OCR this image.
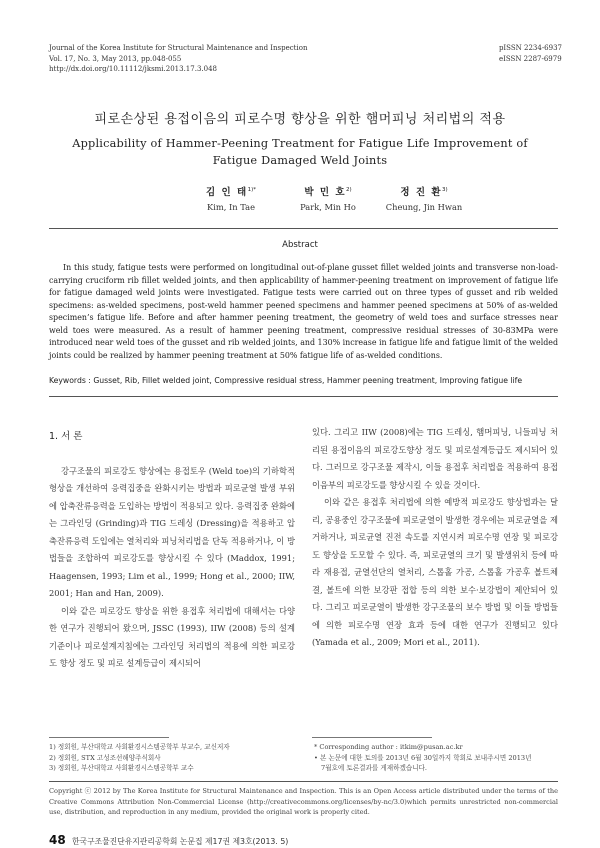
Journal of the Korea Institute for Structural Maintenance and Inspection
Vol. 17, No. 3, May 2013, pp.048-055
http://dx.doi.org/10.11112/jksmi.2013.17.3.048
pISSN 2234-6937
eISSN 2287-6979
피로손상된 용접이음의 피로수명 향상을 위한 햄머피닝 처리법의 적용
Applicability of Hammer-Peening Treatment for Fatigue Life Improvement of Fatigue Damaged Weld Joints
김 인 태$^{1)*}$
Kim, In Tae
박 민 호$^{2)}$
Park, Min Ho
정 진 환$^{3)}$
Cheung, Jin Hwan
Abstract
In this study, fatigue tests were performed on longitudinal out-of-plane gusset fillet welded joints and transverse non-load-carrying cruciform rib fillet welded joints, and then applicability of hammer-peening treatment on improvement of fatigue life for fatigue damaged weld joints were investigated. Fatigue tests were carried out on three types of gusset and rib welded specimens: as-welded specimens, post-weld hammer peened specimens and hammer peened specimens at 50% of as-welded specimen’s fatigue life. Before and after hammer peening treatment, the geometry of weld toes and surface stresses near weld toes were measured. As a result of hammer peening treatment, compressive residual stresses of 30-83MPa were introduced near weld toes of the gusset and rib welded joints, and 130% increase in fatigue life and fatigue limit of the welded joints could be realized by hammer peening treatment at 50% fatigue life of as-welded conditions.
Keywords : Gusset, Rib, Fillet welded joint, Compressive residual stress, Hammer peening treatment, Improving fatigue life
1. 서 론

강구조물의 피로강도 향상에는 용접토우 (Weld toe)의 기하학적 형상을 개선하여 응력집중을 완화시키는 방법과 피로균열 발생 부위에 압축잔류응력을 도입하는 방법이 적용되고 있다. 응력집중 완화에는 그라인딩 (Grinding)과 TIG 드레싱 (Dressing)을 적용하고 압축잔류응력 도입에는 열처리와 피닝처리법을 단독 적용하거나, 이 방법들을 조합하여 피로강도를 향상시킬 수 있다 (Maddox, 1991; Haagensen, 1993; Lim et al., 1999; Hong et al., 2000; IIW, 2001; Han and Han, 2009).

이와 같은 피로강도 향상을 위한 용접후 처리법에 대해서는 다양한 연구가 진행되어 왔으며, JSSC (1993), IIW (2008) 등의 설계기준이나 피로설계지침에는 그라인딩 처리법의 적용에 의한 피로강도 향상 정도 및 피로 설계등급이 제시되어

있다. 그리고 IIW (2008)에는 TIG 드레싱, 햄머피닝, 니들피닝 처리된 용접이음의 피로강도향상 정도 및 피로설계등급도 제시되어 있다. 그러므로 강구조물 제작시, 이들 용접후 처리법을 적용하여 용접이음부의 피로강도를 향상시킬 수 있을 것이다.

이와 같은 용접후 처리법에 의한 예방적 피로강도 향상법과는 달리, 공용중인 강구조물에 피로균열이 발생한 경우에는 피로균열을 제거하거나, 피로균열 진전 속도를 지연시켜 피로수명 연장 및 피로강도 향상을 도모할 수 있다. 즉, 피로균열의 크기 및 발생위치 등에 따라 재용접, 균열선단의 열처리, 스톱홀 가공, 스톱홀 가공후 볼트체결, 볼트에 의한 보강판 접합 등의 의한 보수·보강법이 제안되어 있다. 그리고 피로균열이 발생한 강구조물의 보수 방법 및 이들 방법들에 의한 피로수명 연장 효과 등에 대한 연구가 진행되고 있다 (Yamada et al., 2009; Mori et al., 2011).

1) 정회원, 부산대학교 사회환경시스템공학부 부교수, 교신저자
2) 정회원, STX 고성조선해양주식회사
3) 정회원, 부산대학교 사회환경시스템공학부 교수
* Corresponding author : itkim@pusan.ac.kr
• 본 논문에 대한 토의를 2013년 6월 30일까지 학회로 보내주시면 2013년
7월호에 토론결과를 게재하겠습니다.
Copyright ⓒ 2012 by The Korea Institute for Structural Maintenance and Inspection. This is an Open Access article distributed under the terms of the Creative Commons Attribution Non-Commercial License (http://creativecommons.org/licenses/by-nc/3.0)which permits unrestricted non-commercial use, distribution, and reproduction in any medium, provided the original work is properly cited.
48 한국구조물진단유지관리공학회 논문집 제17권 제3호(2013. 5)
